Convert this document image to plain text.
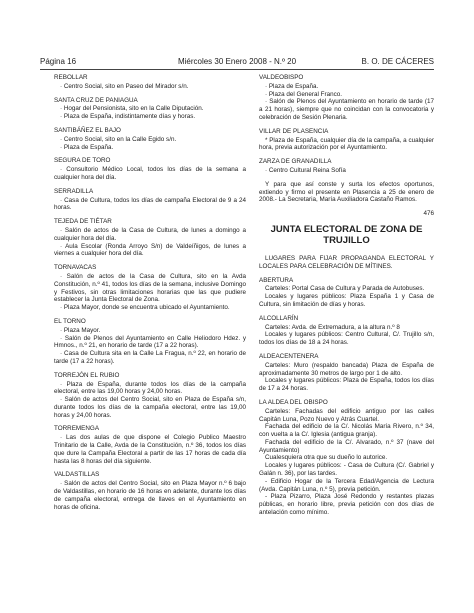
Página 16	Miércoles 30 Enero 2008 - N.º 20	B. O. DE CÁCERES
REBOLLAR
· Centro Social, sito en Paseo del Mirador s/n.
SANTA CRUZ DE PANIAGUA
· Hogar del Pensionista, sito en la Calle Diputación.
· Plaza de España, indistintamente días y horas.
SANTIBÁÑEZ EL BAJO
· Centro Social, sito en la Calle Egido s/n.
· Plaza de España.
SEGURA DE TORO
· Consultorio Médico Local, todos los días de la semana a cualquier hora del día.
SERRADILLA
· Casa de Cultura, todos los días de campaña Electoral de 9 a 24 horas.
TEJEDA DE TIÉTAR
· Salón de actos de la Casa de Cultura, de lunes a domingo a cualquier hora del día.
· Aula Escolar (Ronda Arroyo S/n) de Valdeíñigos, de lunes a viernes a cualquier hora del día.
TORNAVACAS
· Salón de actos de la Casa de Cultura, sito en la Avda Constitución, n.º 41, todos los días de la semana, inclusive Domingo y Festivos, sin otras limitaciones horarias que las que pudiere establecer la Junta Electoral de Zona.
· Plaza Mayor, donde se encuentra ubicado el Ayuntamiento.
EL TORNO
· Plaza Mayor.
· Salón de Plenos del Ayuntamiento en Calle Heliodoro Hdez. y Hmnos., n.º 21, en horario de tarde (17 a 22 horas).
· Casa de Cultura sita en la Calle La Fragua, n.º 22, en horario de tarde (17 a 22 horas).
TORREJÓN EL RUBIO
· Plaza de España, durante todos los días de la campaña electoral, entre las 19,00 horas y 24,00 horas.
· Salón de actos del Centro Social, sito en Plaza de España s/n, durante todos los días de la campaña electoral, entre las 19,00 horas y 24,00 horas.
TORREMENGA
· Las dos aulas de que dispone el Colegio Publico Maestro Trinitario de la Calle, Avda de la Constitución, n.º 36, todos los días que dure la Campaña Electoral a partir de las 17 horas de cada día hasta las 8 horas del día siguiente.
VALDASTILLAS
· Salón de actos del Centro Social, sito en Plaza Mayor n.º 6 bajo de Valdastillas, en horario de 16 horas en adelante, durante los días de campaña electoral, entrega de llaves en el Ayuntamiento en horas de oficina.
VALDEOBISPO
· Plaza de España.
· Plaza del General Franco.
· Salón de Plenos del Ayuntamiento en horario de tarde (17 a 21 horas), siempre que no coincidan con la convocatoria y celebración de Sesión Plenaria.
VILLAR DE PLASENCIA
* Plaza de España, cualquier día de la campaña, a cualquier hora, previa autorización por el Ayuntamiento.
ZARZA DE GRANADILLA
· Centro Cultural Reina Sofía
Y para que así conste y surta los efectos oportunos, extiendo y firmo el presente en Plasencia a 25 de enero de 2008.- La Secretaria, María Auxiliadora Castaño Ramos.
476
JUNTA ELECTORAL DE ZONA DE TRUJILLO
LUGARES PARA FIJAR PROPAGANDA ELECTORAL Y LOCALES PARA CELEBRACIÓN DE MÍTINES.
ABERTURA
Carteles: Portal Casa de Cultura y Parada de Autobuses.
Locales y lugares públicos: Plaza España 1 y Casa de Cultura, sin limitación de días y horas.
ALCOLLARÍN
Carteles: Avda. de Extremadura, a la altura n.º 8
Locales y lugares públicos: Centro Cultural, C/. Trujillo s/n, todos los días de 18 a 24 horas.
ALDEACENTENERA
Carteles: Muro (respaldo bancada) Plaza de España de aproximadamente 30 metros de largo por 1 de alto.
Locales y lugares públicos: Plaza de España, todos los días de 17 a 24 horas.
LA ALDEA DEL OBISPO
Carteles: Fachadas del edificio antiguo por las calles Capitán Luna, Pozo Nuevo y Atrás Cuartel.
Fachada del edificio de la C/. Nicolás María Rivero, n.º 34, con vuelta a la C/. Iglesia (antigua granja).
Fachada del edificio de la C/. Alvarado, n.º 37 (nave del Ayuntamiento)
Cualesquiera otra que su dueño lo autorice.
Locales y lugares públicos: - Casa de Cultura (C/. Gabriel y Galán n. 36), por las tardes.
- Edificio Hogar de la Tercera Edad/Agencia de Lectura (Avda. Capitán Luna, n.º 5), previa petición.
- Plaza Pizarro, Plaza José Redondo y restantes plazas públicas, en horario libre, previa petición con dos días de antelación como mínimo.
